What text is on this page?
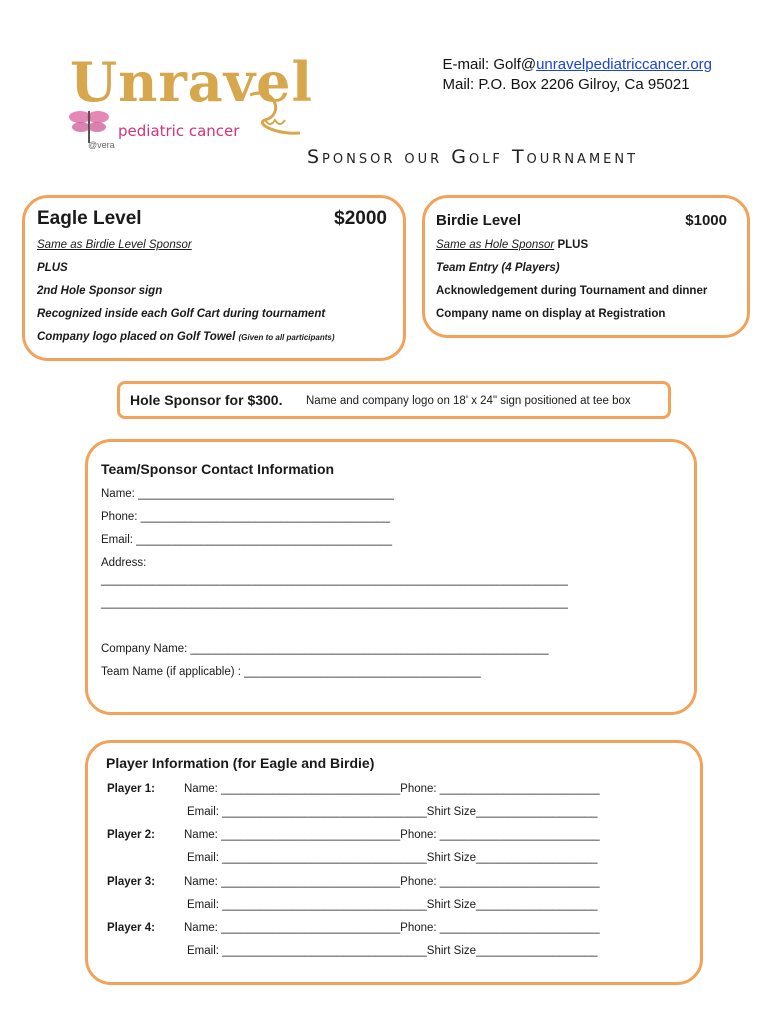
E-mail: Golf@unravelpediatriccancer.org
Mail: P.O. Box 2206 Gilroy, Ca 95021
Unravel
pediatric cancer
@vera
Sponsor our Golf Tournament
Eagle Level	$2000
Same as Birdie Level Sponsor
PLUS
2nd Hole Sponsor sign
Recognized inside each Golf Cart during tournament
Company logo placed on Golf Towel (Given to all participants)
Birdie Level	$1000
Same as Hole Sponsor PLUS
Team Entry (4 Players)
Acknowledgement during Tournament and dinner
Company name on display at Registration
Hole Sponsor for $300. Name and company logo on 18' x 24" sign positioned at tee box
Team/Sponsor Contact Information
Name: ________________________________________
Phone: _______________________________________
Email: ________________________________________
Address:
_________________________________________________________________________
_________________________________________________________________________
Company Name: ________________________________________________________
Team Name (if applicable) : _____________________________________
Player Information (for Eagle and Birdie)
Player 1:	Name: ____________________________Phone: _________________________
Email: ________________________________Shirt Size___________________
Player 2:	Name: ____________________________Phone: _________________________
Email: ________________________________Shirt Size___________________
Player 3:	Name: ____________________________Phone: _________________________
Email: ________________________________Shirt Size___________________
Player 4:	Name: ____________________________Phone: _________________________
Email: ________________________________Shirt Size___________________
